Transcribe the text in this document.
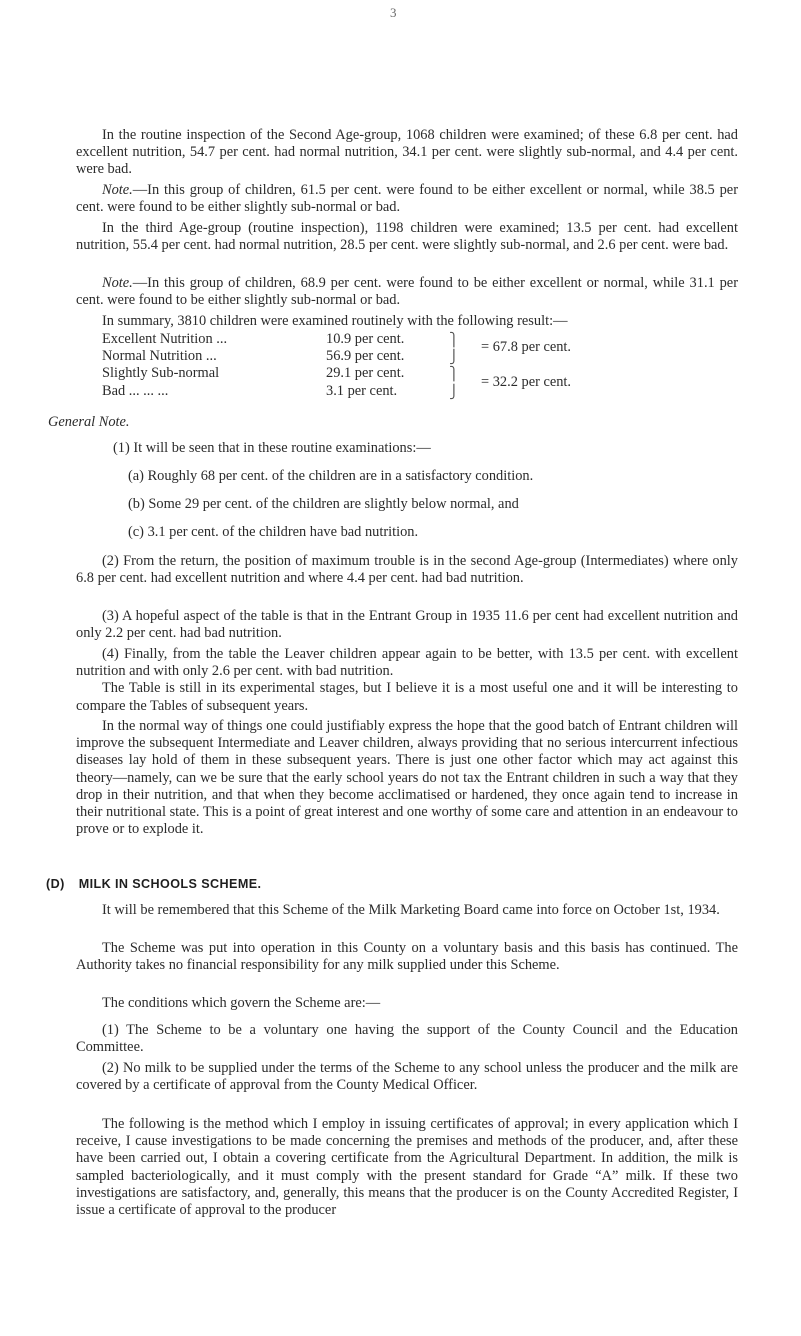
3

In the routine inspection of the Second Age-group, 1068 children were examined; of these 6.8 per cent. had excellent nutrition, 54.7 per cent. had normal nutrition, 34.1 per cent. were slightly sub-normal, and 4.4 per cent. were bad.

Note.—In this group of children, 61.5 per cent. were found to be either excellent or normal, while 38.5 per cent. were found to be either slightly sub-normal or bad.

In the third Age-group (routine inspection), 1198 children were examined; 13.5 per cent. had excellent nutrition, 55.4 per cent. had normal nutrition, 28.5 per cent. were slightly sub-normal, and 2.6 per cent. were bad.

Note.—In this group of children, 68.9 per cent. were found to be either excellent or normal, while 31.1 per cent. were found to be either slightly sub-normal or bad.

In summary, 3810 children were examined routinely with the following result:—

Excellent Nutrition ...	10.9 per cent.	⎫
Normal Nutrition ...	56.9 per cent.	⎭
= 67.8 per cent.
Slightly Sub-normal	29.1 per cent.	⎫
Bad ... ... ...	3.1 per cent.	⎭
= 32.2 per cent.
General Note.
(1) It will be seen that in these routine examinations:—
(a) Roughly 68 per cent. of the children are in a satisfactory condition.
(b) Some 29 per cent. of the children are slightly below normal, and
(c) 3.1 per cent. of the children have bad nutrition.

(2) From the return, the position of maximum trouble is in the second Age-group (Intermediates) where only 6.8 per cent. had excellent nutrition and where 4.4 per cent. had bad nutrition.

(3) A hopeful aspect of the table is that in the Entrant Group in 1935 11.6 per cent had excellent nutrition and only 2.2 per cent. had bad nutrition.

(4) Finally, from the table the Leaver children appear again to be better, with 13.5 per cent. with excellent nutrition and with only 2.6 per cent. with bad nutrition.

The Table is still in its experimental stages, but I believe it is a most useful one and it will be interesting to compare the Tables of subsequent years.

In the normal way of things one could justifiably express the hope that the good batch of Entrant children will improve the subsequent Intermediate and Leaver children, always providing that no serious intercurrent infectious diseases lay hold of them in these subsequent years. There is just one other factor which may act against this theory—namely, can we be sure that the early school years do not tax the Entrant children in such a way that they drop in their nutrition, and that when they become acclimatised or hardened, they once again tend to increase in their nutritional state. This is a point of great interest and one worthy of some care and attention in an endeavour to prove or to explode it.

(D) MILK IN SCHOOLS SCHEME.

It will be remembered that this Scheme of the Milk Marketing Board came into force on October 1st, 1934.

The Scheme was put into operation in this County on a voluntary basis and this basis has continued. The Authority takes no financial responsibility for any milk supplied under this Scheme.

The conditions which govern the Scheme are:—

(1) The Scheme to be a voluntary one having the support of the County Council and the Education Committee.

(2) No milk to be supplied under the terms of the Scheme to any school unless the producer and the milk are covered by a certificate of approval from the County Medical Officer.

The following is the method which I employ in issuing certificates of approval; in every application which I receive, I cause investigations to be made concerning the premises and methods of the producer, and, after these have been carried out, I obtain a covering certificate from the Agricultural Department. In addition, the milk is sampled bacteriologically, and it must comply with the present standard for Grade “A” milk. If these two investigations are satisfactory, and, generally, this means that the producer is on the County Accredited Register, I issue a certificate of approval to the producer
